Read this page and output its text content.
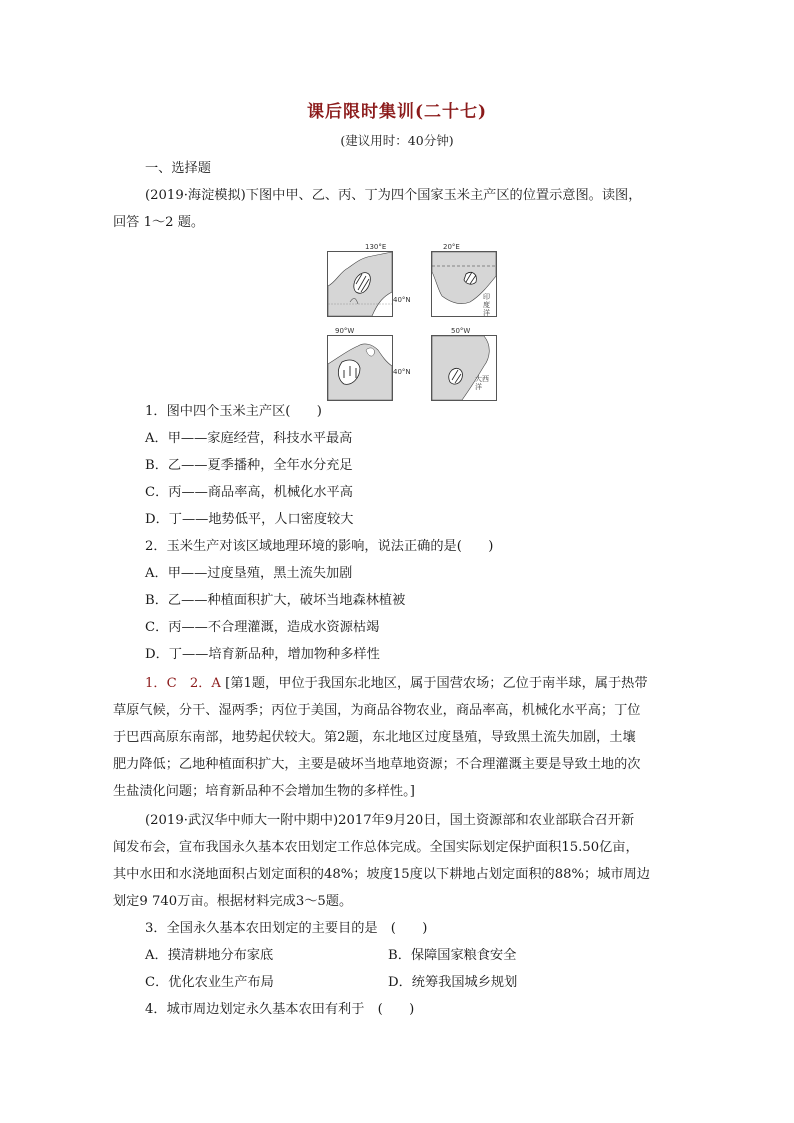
课后限时集训(二十七)
(建议用时：40分钟)
一、选择题
(2019·海淀模拟)下图中甲、乙、丙、丁为四个国家玉米主产区的位置示意图。读图，
回答 1～2 题。
130°E
40°N
20°E
印度洋
90°W
40°N
50°W
大西洋
1．图中四个玉米主产区(　　)
A．甲——家庭经营，科技水平最高
B．乙——夏季播种，全年水分充足
C．丙——商品率高，机械化水平高
D．丁——地势低平，人口密度较大
2．玉米生产对该区域地理环境的影响，说法正确的是(　　)
A．甲——过度垦殖，黑土流失加剧
B．乙——种植面积扩大，破坏当地森林植被
C．丙——不合理灌溉，造成水资源枯竭
D．丁——培育新品种，增加物种多样性
1．C　2．A [第1题，甲位于我国东北地区，属于国营农场；乙位于南半球，属于热带
草原气候，分干、湿两季；丙位于美国，为商品谷物农业，商品率高，机械化水平高；丁位
于巴西高原东南部，地势起伏较大。第2题，东北地区过度垦殖，导致黑土流失加剧，土壤
肥力降低；乙地种植面积扩大，主要是破坏当地草地资源；不合理灌溉主要是导致土地的次
生盐渍化问题；培育新品种不会增加生物的多样性。]
(2019·武汉华中师大一附中期中)2017年9月20日，国土资源部和农业部联合召开新
闻发布会，宣布我国永久基本农田划定工作总体完成。全国实际划定保护面积15.50亿亩，
其中水田和水浇地面积占划定面积的48%；坡度15度以下耕地占划定面积的88%；城市周边
划定9 740万亩。根据材料完成3～5题。
3．全国永久基本农田划定的主要目的是　(　　)
A．摸清耕地分布家底	B．保障国家粮食安全
C．优化农业生产布局	D．统筹我国城乡规划
4．城市周边划定永久基本农田有利于　(　　)
